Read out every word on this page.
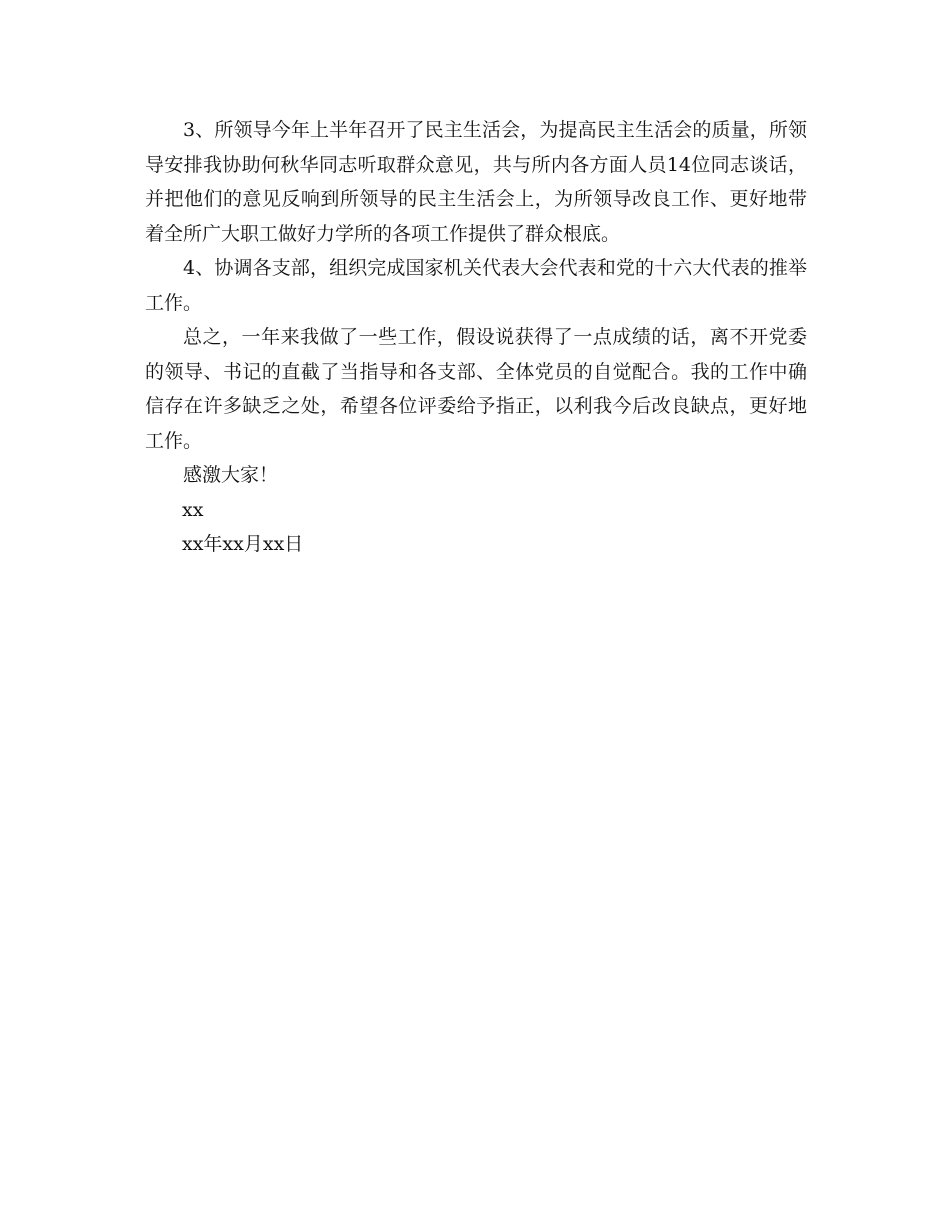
3、所领导今年上半年召开了民主生活会，为提高民主生活会的质量，所领导安排我协助何秋华同志听取群众意见，共与所内各方面人员14位同志谈话，并把他们的意见反响到所领导的民主生活会上，为所领导改良工作、更好地带着全所广大职工做好力学所的各项工作提供了群众根底。

4、协调各支部，组织完成国家机关代表大会代表和党的十六大代表的推举工作。

总之，一年来我做了一些工作，假设说获得了一点成绩的话，离不开党委的领导、书记的直截了当指导和各支部、全体党员的自觉配合。我的工作中确信存在许多缺乏之处，希望各位评委给予指正，以利我今后改良缺点，更好地工作。

感激大家！

xx

xx年xx月xx日
